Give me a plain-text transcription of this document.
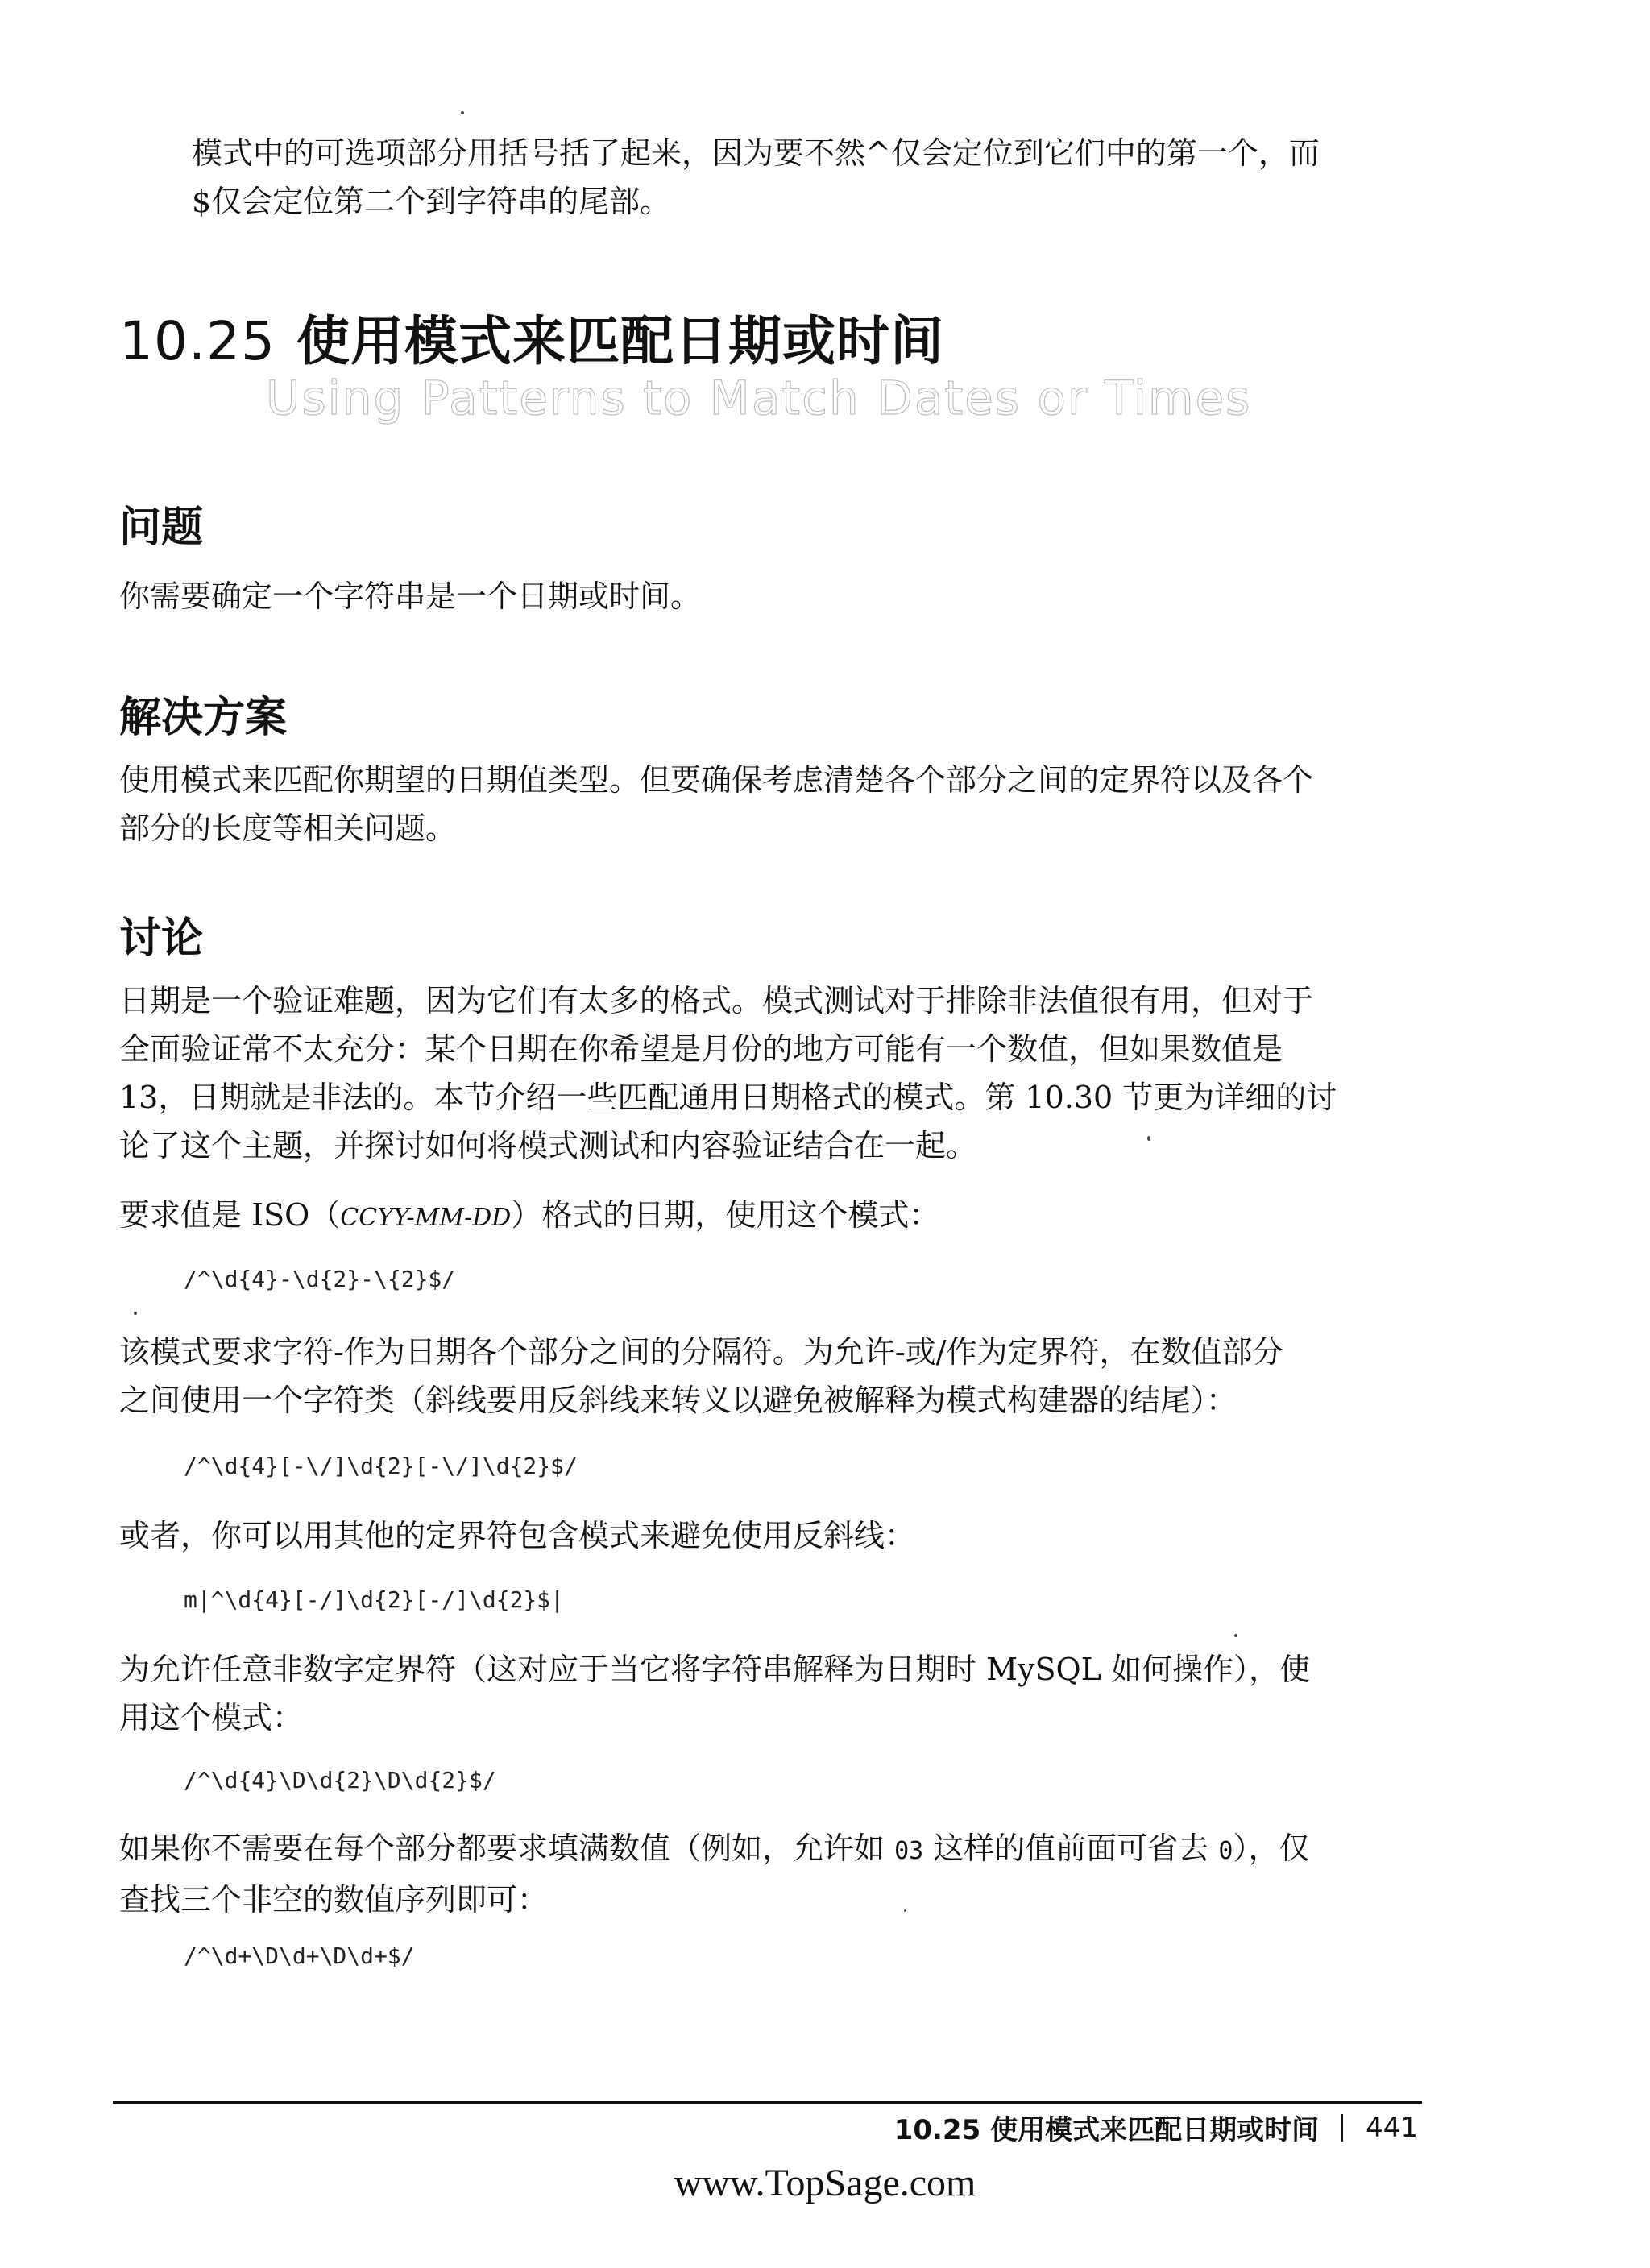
模式中的可选项部分用括号括了起来，因为要不然^仅会定位到它们中的第一个，而
$仅会定位第二个到字符串的尾部。

10.25 使用模式来匹配日期或时间

Using Patterns to Match Dates or Times

问题

你需要确定一个字符串是一个日期或时间。

解决方案

使用模式来匹配你期望的日期值类型。但要确保考虑清楚各个部分之间的定界符以及各个
部分的长度等相关问题。

讨论

日期是一个验证难题，因为它们有太多的格式。模式测试对于排除非法值很有用，但对于
全面验证常不太充分：某个日期在你希望是月份的地方可能有一个数值，但如果数值是
13，日期就是非法的。本节介绍一些匹配通用日期格式的模式。第 10.30 节更为详细的讨
论了这个主题，并探讨如何将模式测试和内容验证结合在一起。

要求值是 ISO（CCYY-MM-DD）格式的日期，使用这个模式：

/^\d{4}-\d{2}-\{2}$/

该模式要求字符-作为日期各个部分之间的分隔符。为允许-或/作为定界符，在数值部分
之间使用一个字符类（斜线要用反斜线来转义以避免被解释为模式构建器的结尾）：

/^\d{4}[-\/]\d{2}[-\/]\d{2}$/

或者，你可以用其他的定界符包含模式来避免使用反斜线：

m|^\d{4}[-/]\d{2}[-/]\d{2}$|

为允许任意非数字定界符（这对应于当它将字符串解释为日期时 MySQL 如何操作），使
用这个模式：

/^\d{4}\D\d{2}\D\d{2}$/

如果你不需要在每个部分都要求填满数值（例如，允许如 03 这样的值前面可省去 0），仅
查找三个非空的数值序列即可：

/^\d+\D\d+\D\d+$/
10.25 使用模式来匹配日期或时间 441

www.TopSage.com
